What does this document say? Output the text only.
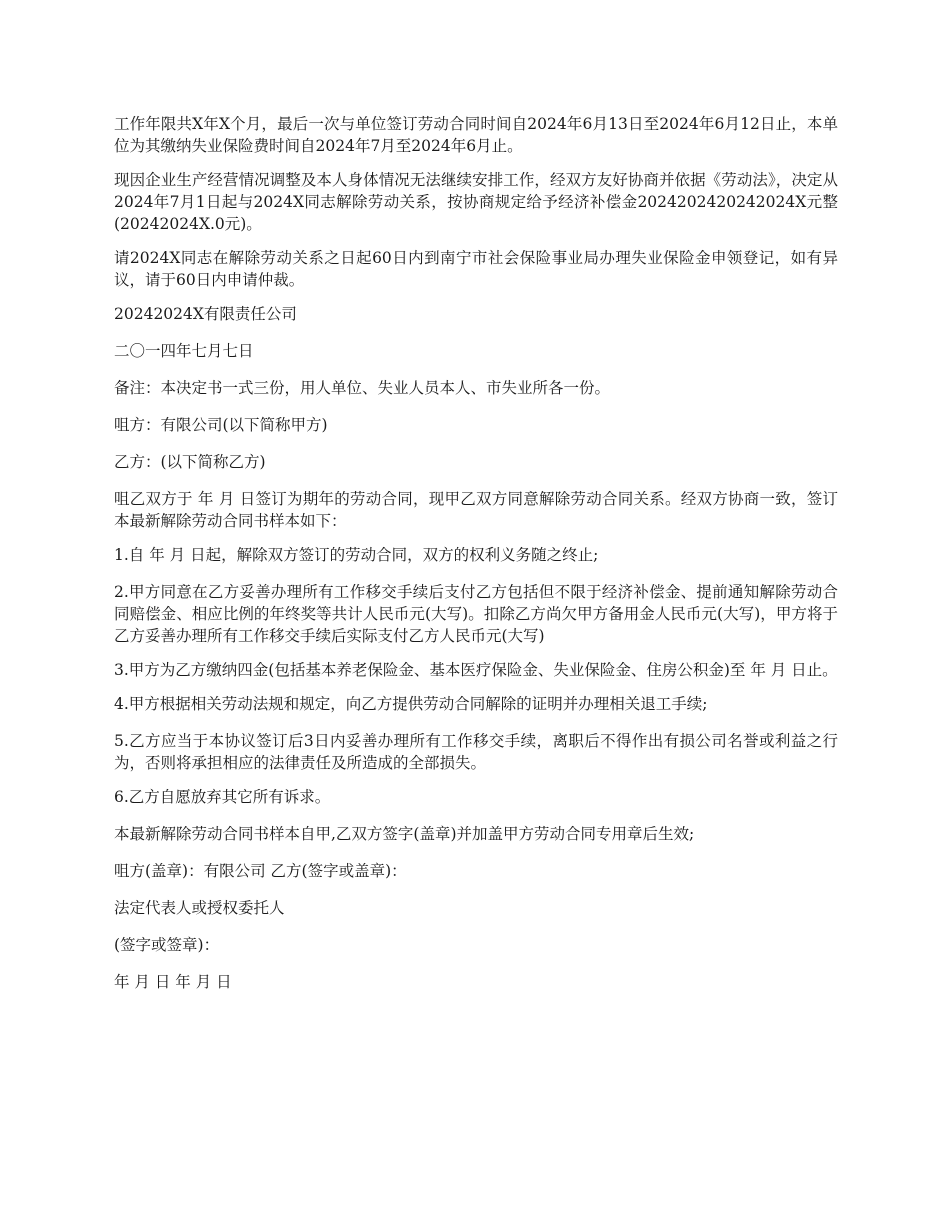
工作年限共X年X个月，最后一次与单位签订劳动合同时间自2024年6月13日至2024年6月12日止，本单位为其缴纳失业保险费时间自2024年7月至2024年6月止。

现因企业生产经营情况调整及本人身体情况无法继续安排工作，经双方友好协商并依据《劳动法》，决定从2024年7月1日起与2024X同志解除劳动关系，按协商规定给予经济补偿金2024202420242024X元整(20242024X.0元)。

请2024X同志在解除劳动关系之日起60日内到南宁市社会保险事业局办理失业保险金申领登记，如有异议，请于60日内申请仲裁。

20242024X有限责任公司

二〇一四年七月七日

备注：本决定书一式三份，用人单位、失业人员本人、市失业所各一份。

咀方：有限公司(以下简称甲方)

乙方：(以下简称乙方)

咀乙双方于 年 月 日签订为期年的劳动合同，现甲乙双方同意解除劳动合同关系。经双方协商一致，签订本最新解除劳动合同书样本如下：

1.自 年 月 日起，解除双方签订的劳动合同，双方的权利义务随之终止;

2.甲方同意在乙方妥善办理所有工作移交手续后支付乙方包括但不限于经济补偿金、提前通知解除劳动合同赔偿金、相应比例的年终奖等共计人民币元(大写)。扣除乙方尚欠甲方备用金人民币元(大写)，甲方将于乙方妥善办理所有工作移交手续后实际支付乙方人民币元(大写)

3.甲方为乙方缴纳四金(包括基本养老保险金、基本医疗保险金、失业保险金、住房公积金)至 年 月 日止。

4.甲方根据相关劳动法规和规定，向乙方提供劳动合同解除的证明并办理相关退工手续;

5.乙方应当于本协议签订后3日内妥善办理所有工作移交手续，离职后不得作出有损公司名誉或利益之行为，否则将承担相应的法律责任及所造成的全部损失。

6.乙方自愿放弃其它所有诉求。

本最新解除劳动合同书样本自甲,乙双方签字(盖章)并加盖甲方劳动合同专用章后生效;

咀方(盖章)：有限公司 乙方(签字或盖章)：

法定代表人或授权委托人

(签字或签章)：

年 月 日 年 月 日
